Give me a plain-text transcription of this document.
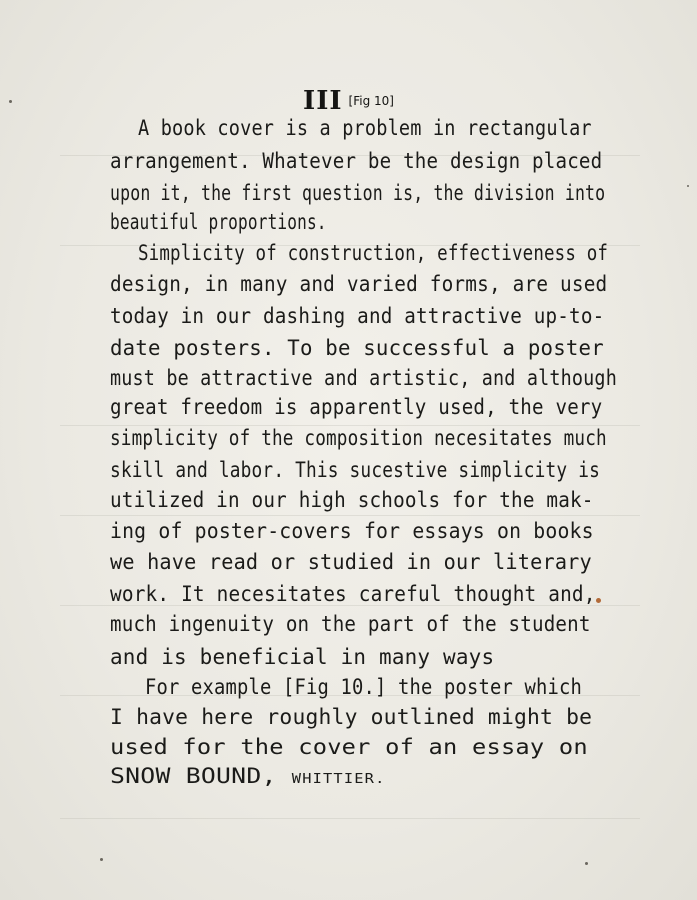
III [Fig 10]
A book cover is a problem in rectangular
arrangement. Whatever be the design placed
upon it, the first question is, the division into
beautiful proportions.
Simplicity of construction, effectiveness of
design, in many and varied forms, are used
today in our dashing and attractive up-to-
date posters. To be successful a poster
must be attractive and artistic, and although
great freedom is apparently used, the very
simplicity of the composition necesitates much
skill and labor. This sucestive simplicity is
utilized in our high schools for the mak-
ing of poster-covers for essays on books
we have read or studied in our literary
work. It necesitates careful thought and,
much ingenuity on the part of the student
and is beneficial in many ways
For example [Fig 10.] the poster which
I have here roughly outlined might be
used for the cover of an essay on
SNOW BOUND, WHITTIER.
